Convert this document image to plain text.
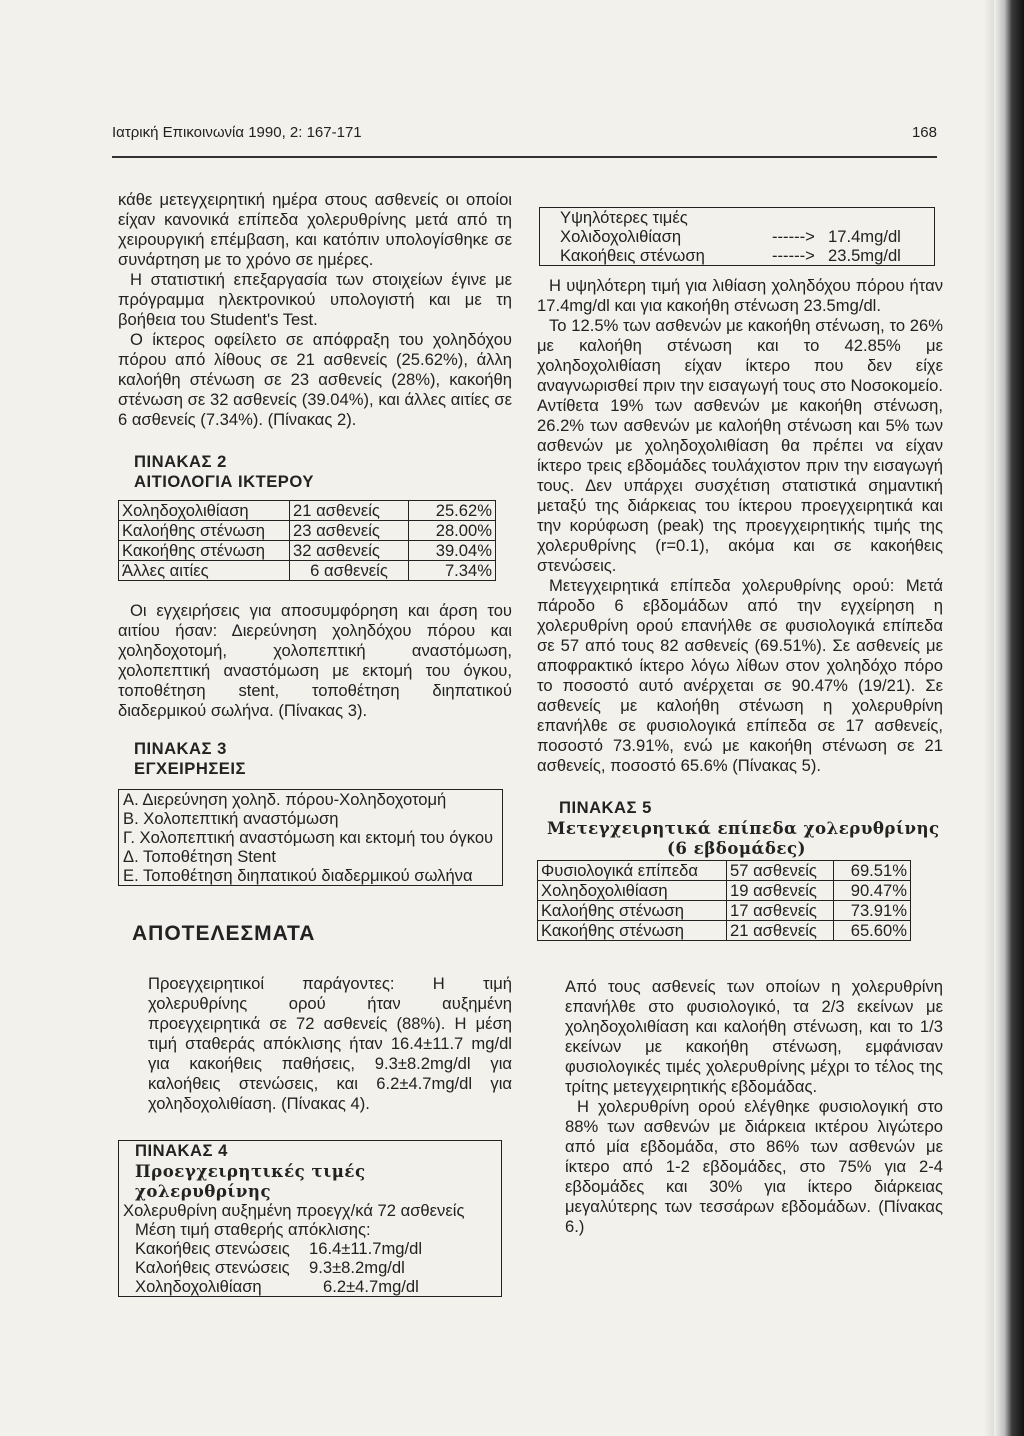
Ιατρική Επικοινωνία 1990, 2: 167-171	168

κάθε μετεγχειρητική ημέρα στους ασθενείς οι οποίοι είχαν κανονικά επίπεδα χολερυθρίνης μετά από τη χειρουργική επέμβαση, και κατόπιν υπολογίσθηκε σε συνάρτηση με το χρόνο σε ημέρες.

Η στατιστική επεξαργασία των στοιχείων έγινε με πρόγραμμα ηλεκτρονικού υπολογιστή και με τη βοήθεια του Student's Test.

Ο ίκτερος οφείλετο σε απόφραξη του χοληδόχου πόρου από λίθους σε 21 ασθενείς (25.62%), άλλη καλοήθη στένωση σε 23 ασθενείς (28%), κακοήθη στένωση σε 32 ασθενείς (39.04%), και άλλες αιτίες σε 6 ασθενείς (7.34%). (Πίνακας 2).

ΠΙΝΑΚΑΣ 2
ΑΙΤΙΟΛΟΓΙΑ ΙΚΤΕΡΟΥ
Χοληδοχολιθίαση	21 ασθενείς	25.62%
Καλοήθης στένωση	23 ασθενείς	28.00%
Κακοήθης στένωση	32 ασθενείς	39.04%
Άλλες αιτίες	6 ασθενείς	7.34%

Οι εγχειρήσεις για αποσυμφόρηση και άρση του αιτίου ήσαν: Διερεύνηση χοληδόχου πόρου και χοληδοχοτομή, χολοπεπτική αναστόμωση, χολοπεπτική αναστόμωση με εκτομή του όγκου, τοποθέτηση stent, τοποθέτηση διηπατικού διαδερμικού σωλήνα. (Πίνακας 3).

ΠΙΝΑΚΑΣ 3
ΕΓΧΕΙΡΗΣΕΙΣ
Α. Διερεύνηση χοληδ. πόρου-Χοληδοχοτομή
Β. Χολοπεπτική αναστόμωση
Γ. Χολοπεπτική αναστόμωση και εκτομή του όγκου
Δ. Τοποθέτηση Stent
Ε. Τοποθέτηση διηπατικού διαδερμικού σωλήνα
ΑΠΟΤΕΛΕΣΜΑΤΑ

Προεγχειρητικοί παράγοντες: Η τιμή χολερυθρίνης ορού ήταν αυξημένη προεγχειρητικά σε 72 ασθενείς (88%). Η μέση τιμή σταθεράς απόκλισης ήταν 16.4±11.7 mg/dl για κακοήθεις παθήσεις, 9.3±8.2mg/dl για καλοήθεις στενώσεις, και 6.2±4.7mg/dl για χοληδοχολιθίαση. (Πίνακας 4).

ΠΙΝΑΚΑΣ 4
Προεγχειρητικές τιμές χολερυθρίνης
Χολερυθρίνη αυξημένη προεγχ/κά 72 ασθενείς
Μέση τιμή σταθερής απόκλισης:
Κακοήθεις στενώσεις	16.4±11.7mg/dl
Καλοήθεις στενώσεις	9.3±8.2mg/dl
Χοληδοχολιθίαση	6.2±4.7mg/dl
Υψηλότερες τιμές
Χολιδοχολιθίαση	------> 17.4mg/dl
Κακοήθεις στένωση	------> 23.5mg/dl

Η υψηλότερη τιμή για λιθίαση χοληδόχου πόρου ήταν 17.4mg/dl και για κακοήθη στένωση 23.5mg/dl.

Το 12.5% των ασθενών με κακοήθη στένωση, το 26% με καλοήθη στένωση και το 42.85% με χοληδοχολιθίαση είχαν ίκτερο που δεν είχε αναγνωρισθεί πριν την εισαγωγή τους στο Νοσοκομείο. Αντίθετα 19% των ασθενών με κακοήθη στένωση, 26.2% των ασθενών με καλοήθη στένωση και 5% των ασθενών με χοληδοχολιθίαση θα πρέπει να είχαν ίκτερο τρεις εβδομάδες τουλάχιστον πριν την εισαγωγή τους. Δεν υπάρχει συσχέτιση στατιστικά σημαντική μεταξύ της διάρκειας του ίκτερου προεγχειρητικά και την κορύφωση (peak) της προεγχειρητικής τιμής της χολερυθρίνης (r=0.1), ακόμα και σε κακοήθεις στενώσεις.

Μετεγχειρητικά επίπεδα χολερυθρίνης ορού: Μετά πάροδο 6 εβδομάδων από την εγχείρηση η χολερυθρίνη ορού επανήλθε σε φυσιολογικά επίπεδα σε 57 από τους 82 ασθενείς (69.51%). Σε ασθενείς με αποφρακτικό ίκτερο λόγω λίθων στον χοληδόχο πόρο το ποσοστό αυτό ανέρχεται σε 90.47% (19/21). Σε ασθενείς με καλοήθη στένωση η χολερυθρίνη επανήλθε σε φυσιολογικά επίπεδα σε 17 ασθενείς, ποσοστό 73.91%, ενώ με κακοήθη στένωση σε 21 ασθενείς, ποσοστό 65.6% (Πίνακας 5).

ΠΙΝΑΚΑΣ 5
Μετεγχειρητικά επίπεδα χολερυθρίνης
(6 εβδομάδες)
Φυσιολογικά επίπεδα	57 ασθενείς	69.51%
Χοληδοχολιθίαση	19 ασθενείς	90.47%
Καλοήθης στένωση	17 ασθενείς	73.91%
Κακοήθης στένωση	21 ασθενείς	65.60%

Από τους ασθενείς των οποίων η χολερυθρίνη επανήλθε στο φυσιολογικό, τα 2/3 εκείνων με χοληδοχολιθίαση και καλοήθη στένωση, και το 1/3 εκείνων με κακοήθη στένωση, εμφάνισαν φυσιολογικές τιμές χολερυθρίνης μέχρι το τέλος της τρίτης μετεγχειρητικής εβδομάδας.

Η χολερυθρίνη ορού ελέγθηκε φυσιολογική στο 88% των ασθενών με διάρκεια ικτέρου λιγώτερο από μία εβδομάδα, στο 86% των ασθενών με ίκτερο από 1-2 εβδομάδες, στο 75% για 2-4 εβδομάδες και 30% για ίκτερο διάρκειας μεγαλύτερης των τεσσάρων εβδομάδων. (Πίνακας 6.)
